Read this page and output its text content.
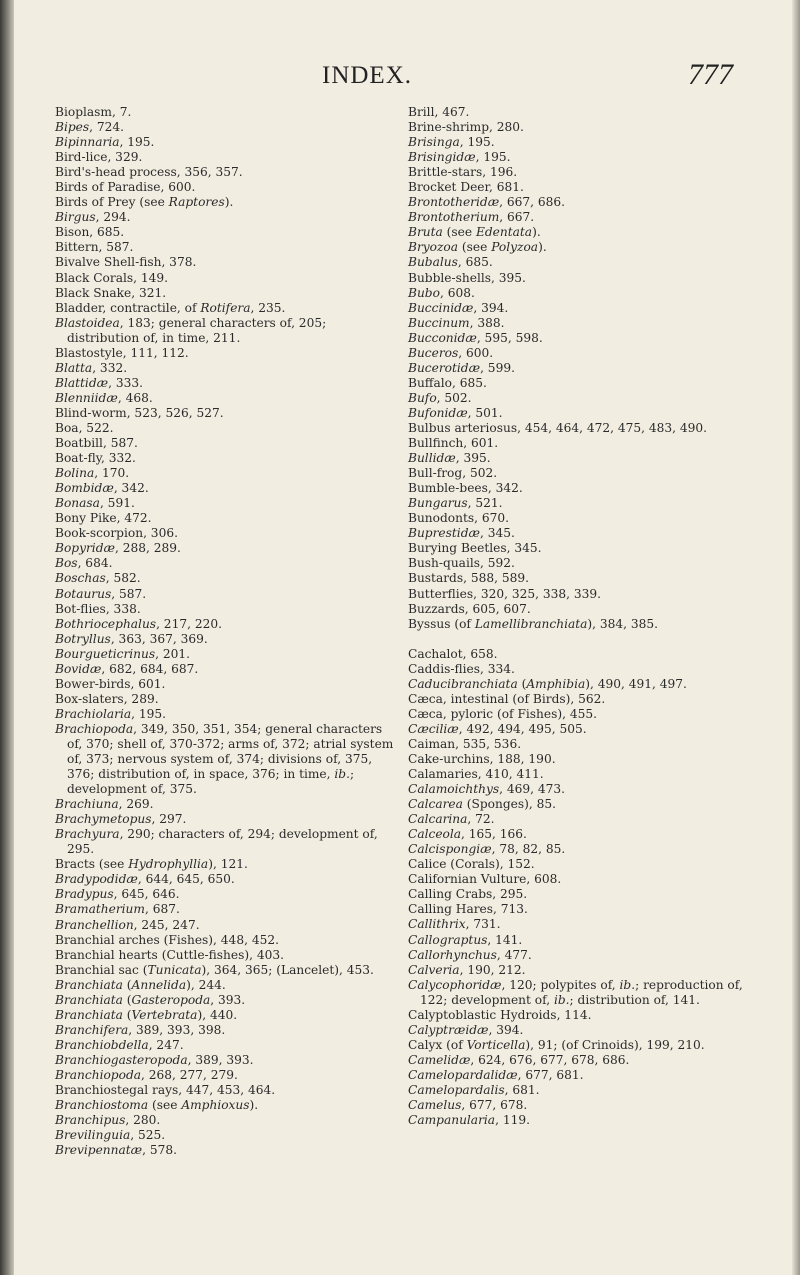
INDEX.	777
Bioplasm, 7.
Bipes, 724.
Bipinnaria, 195.
Bird-lice, 329.
Bird's-head process, 356, 357.
Birds of Paradise, 600.
Birds of Prey (see Raptores).
Birgus, 294.
Bison, 685.
Bittern, 587.
Bivalve Shell-fish, 378.
Black Corals, 149.
Black Snake, 321.
Bladder, contractile, of Rotifera, 235.
Blastoidea, 183; general characters of, 205; distribution of, in time, 211.
Blastostyle, 111, 112.
Blatta, 332.
Blattidæ, 333.
Blenniidæ, 468.
Blind-worm, 523, 526, 527.
Boa, 522.
Boatbill, 587.
Boat-fly, 332.
Bolina, 170.
Bombidæ, 342.
Bonasa, 591.
Bony Pike, 472.
Book-scorpion, 306.
Bopyridæ, 288, 289.
Bos, 684.
Boschas, 582.
Botaurus, 587.
Bot-flies, 338.
Bothriocephalus, 217, 220.
Botryllus, 363, 367, 369.
Bourgueticrinus, 201.
Bovidæ, 682, 684, 687.
Bower-birds, 601.
Box-slaters, 289.
Brachiolaria, 195.
Brachiopoda, 349, 350, 351, 354; general characters of, 370; shell of, 370-372; arms of, 372; atrial system of, 373; nervous system of, 374; divisions of, 375, 376; distribution of, in space, 376; in time, ib.; development of, 375.
Brachiuna, 269.
Brachymetopus, 297.
Brachyura, 290; characters of, 294; development of, 295.
Bracts (see Hydrophyllia), 121.
Bradypodidæ, 644, 645, 650.
Bradypus, 645, 646.
Bramatherium, 687.
Branchellion, 245, 247.
Branchial arches (Fishes), 448, 452.
Branchial hearts (Cuttle-fishes), 403.
Branchial sac (Tunicata), 364, 365; (Lancelet), 453.
Branchiata (Annelida), 244.
Branchiata (Gasteropoda, 393.
Branchiata (Vertebrata), 440.
Branchifera, 389, 393, 398.
Branchiobdella, 247.
Branchiogasteropoda, 389, 393.
Branchiopoda, 268, 277, 279.
Branchiostegal rays, 447, 453, 464.
Branchiostoma (see Amphioxus).
Branchipus, 280.
Brevilinguia, 525.
Brevipennatæ, 578.
Brill, 467.
Brine-shrimp, 280.
Brisinga, 195.
Brisingidæ, 195.
Brittle-stars, 196.
Brocket Deer, 681.
Brontotheridæ, 667, 686.
Brontotherium, 667.
Bruta (see Edentata).
Bryozoa (see Polyzoa).
Bubalus, 685.
Bubble-shells, 395.
Bubo, 608.
Buccinidæ, 394.
Buccinum, 388.
Bucconidæ, 595, 598.
Buceros, 600.
Bucerotidæ, 599.
Buffalo, 685.
Bufo, 502.
Bufonidæ, 501.
Bulbus arteriosus, 454, 464, 472, 475, 483, 490.
Bullfinch, 601.
Bullidæ, 395.
Bull-frog, 502.
Bumble-bees, 342.
Bungarus, 521.
Bunodonts, 670.
Buprestidæ, 345.
Burying Beetles, 345.
Bush-quails, 592.
Bustards, 588, 589.
Butterflies, 320, 325, 338, 339.
Buzzards, 605, 607.
Byssus (of Lamellibranchiata), 384, 385.
Cachalot, 658.
Caddis-flies, 334.
Caducibranchiata (Amphibia), 490, 491, 497.
Cæca, intestinal (of Birds), 562.
Cæca, pyloric (of Fishes), 455.
Cæciliæ, 492, 494, 495, 505.
Caiman, 535, 536.
Cake-urchins, 188, 190.
Calamaries, 410, 411.
Calamoichthys, 469, 473.
Calcarea (Sponges), 85.
Calcarina, 72.
Calceola, 165, 166.
Calcispongiæ, 78, 82, 85.
Calice (Corals), 152.
Californian Vulture, 608.
Calling Crabs, 295.
Calling Hares, 713.
Callithrix, 731.
Callograptus, 141.
Callorhynchus, 477.
Calveria, 190, 212.
Calycophoridæ, 120; polypites of, ib.; reproduction of, 122; development of, ib.; distribution of, 141.
Calyptoblastic Hydroids, 114.
Calyptræidæ, 394.
Calyx (of Vorticella), 91; (of Crinoids), 199, 210.
Camelidæ, 624, 676, 677, 678, 686.
Camelopardalidæ, 677, 681.
Camelopardalis, 681.
Camelus, 677, 678.
Campanularia, 119.
